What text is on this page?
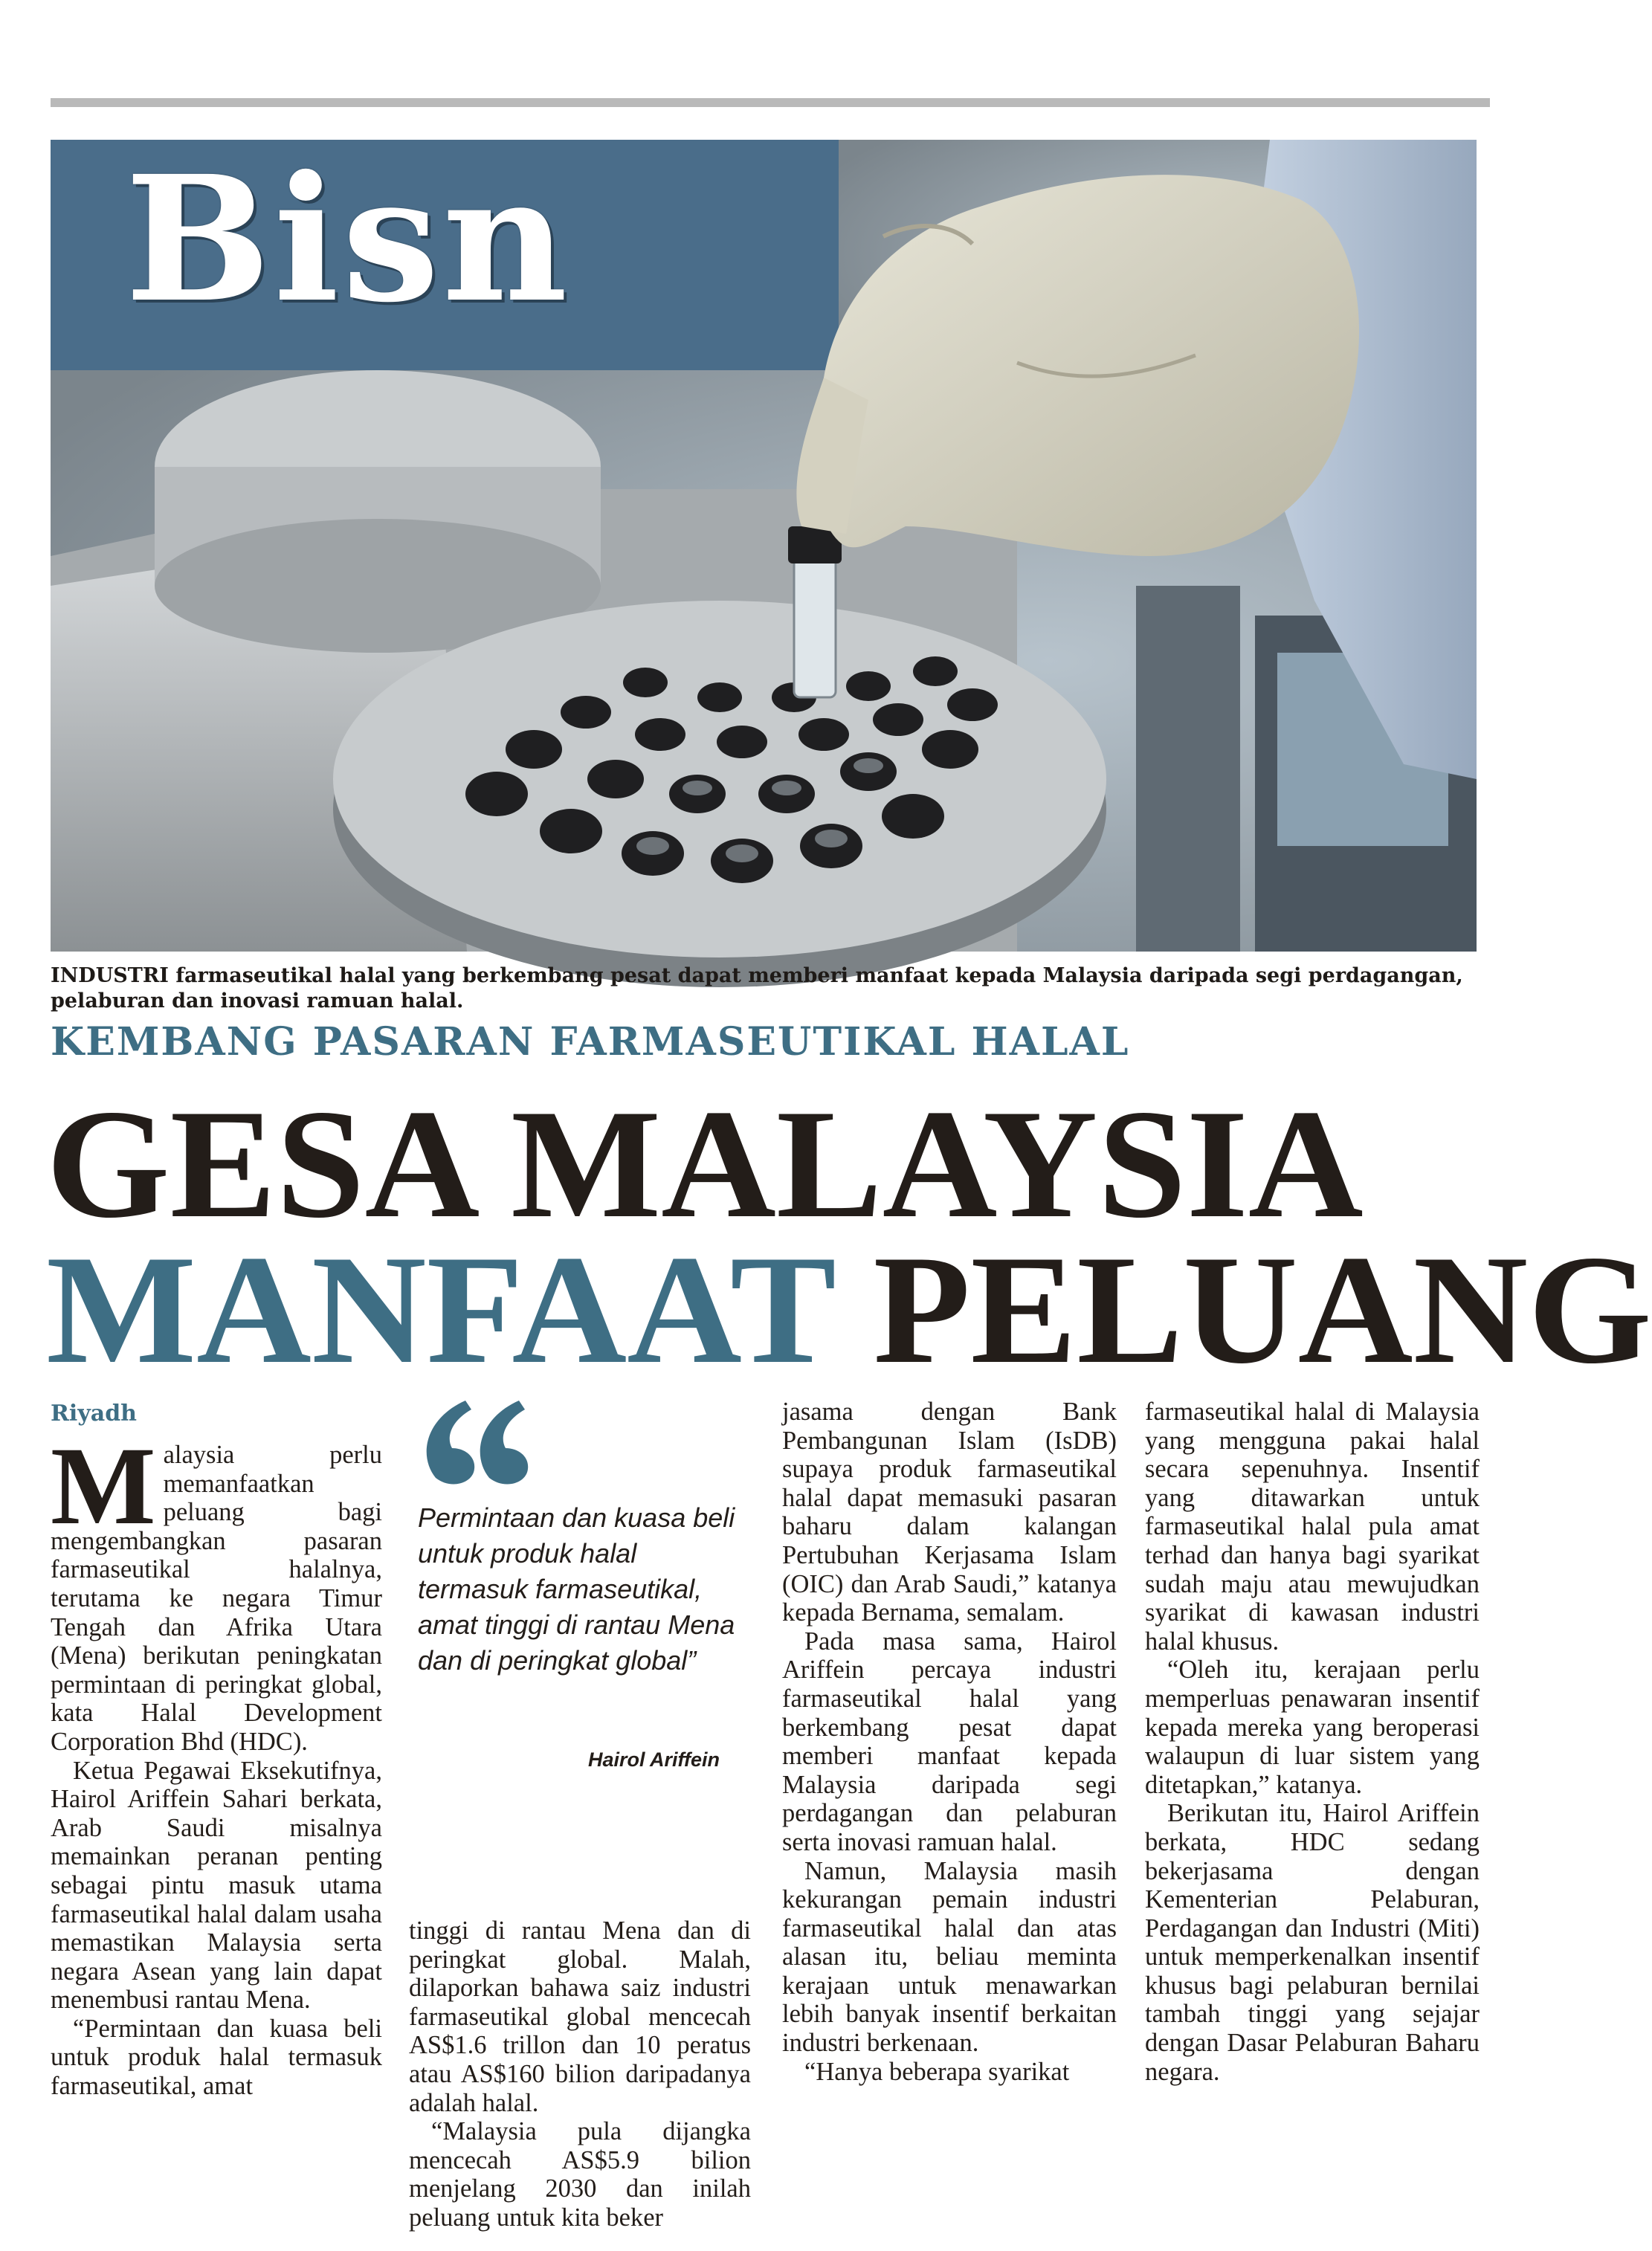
Bisn

INDUSTRI farmaseutikal halal yang berkembang pesat dapat memberi manfaat kepada Malaysia daripada segi perdagangan, pelaburan dan inovasi ramuan halal.

KEMBANG PASARAN FARMASEUTIKAL HALAL
GESA MALAYSIA
MANFAAT PELUANG

Riyadh

Malaysia perlu memanfaatkan peluang bagi mengembangkan pasaran farmaseutikal halalnya, terutama ke negara Timur Tengah dan Afrika Utara (Mena) berikutan peningkatan permintaan di peringkat global, kata Halal Development Corporation Bhd (HDC).

Ketua Pegawai Eksekutifnya, Hairol Ariffein Sahari berkata, Arab Saudi misalnya memainkan peranan penting sebagai pintu masuk utama farmaseutikal halal dalam usaha memastikan Malaysia serta negara Asean yang lain dapat menembusi rantau Mena.

“Permintaan dan kuasa beli untuk produk halal termasuk farmaseutikal, amat

Permintaan dan kuasa beli untuk produk halal termasuk farmaseutikal, amat tinggi di rantau Mena dan di peringkat global”

Hairol Ariffein

tinggi di rantau Mena dan di peringkat global. Malah, dilaporkan bahawa saiz industri farmaseutikal global mencecah AS$1.6 trillon dan 10 peratus atau AS$160 bilion daripadanya adalah halal.

“Malaysia pula dijangka mencecah AS$5.9 bilion menjelang 2030 dan inilah peluang untuk kita beker

jasama dengan Bank Pembangunan Islam (IsDB) supaya produk farmaseutikal halal dapat memasuki pasaran baharu dalam kalangan Pertubuhan Kerjasama Islam (OIC) dan Arab Saudi,” katanya kepada Bernama, semalam.

Pada masa sama, Hairol Ariffein percaya industri farmaseutikal halal yang berkembang pesat dapat memberi manfaat kepada Malaysia daripada segi perdagangan dan pelaburan serta inovasi ramuan halal.

Namun, Malaysia masih kekurangan pemain industri farmaseutikal halal dan atas alasan itu, beliau meminta kerajaan untuk menawarkan lebih banyak insentif berkaitan industri berkenaan.

“Hanya beberapa syarikat

farmaseutikal halal di Malaysia yang mengguna pakai halal secara sepenuhnya. Insentif yang ditawarkan untuk farmaseutikal halal pula amat terhad dan hanya bagi syarikat sudah maju atau mewujudkan syarikat di kawasan industri halal khusus.

“Oleh itu, kerajaan perlu memperluas penawaran insentif kepada mereka yang beroperasi walaupun di luar sistem yang ditetapkan,” katanya.

Berikutan itu, Hairol Ariffein berkata, HDC sedang bekerjasama dengan Kementerian Pelaburan, Perdagangan dan Industri (Miti) untuk memperkenalkan insentif khusus bagi pelaburan bernilai tambah tinggi yang sejajar dengan Dasar Pelaburan Baharu negara.
